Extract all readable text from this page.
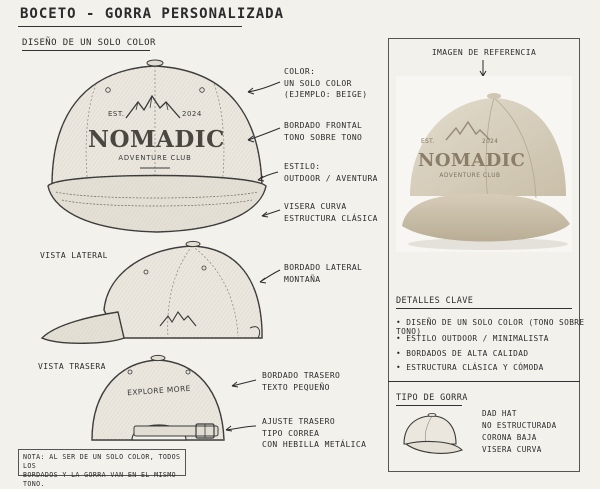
BOCETO - GORRA PERSONALIZADA
DISEÑO DE UN SOLO COLOR
EST.	2024
NOMADIC
ADVENTURE CLUB
EXPLORE MORE
VISTA LATERAL
VISTA TRASERA
COLOR:
UN SOLO COLOR
(EJEMPLO: BEIGE)
BORDADO FRONTAL
TONO SOBRE TONO
ESTILO:
OUTDOOR / AVENTURA
VISERA CURVA
ESTRUCTURA CLÁSICA
BORDADO LATERAL
MONTAÑA
BORDADO TRASERO
TEXTO PEQUEÑO
AJUSTE TRASERO
TIPO CORREA
CON HEBILLA METÁLICA
NOTA: AL SER DE UN SOLO COLOR, TODOS LOS
BORDADOS Y LA GORRA VAN EN EL MISMO TONO.
IMAGEN DE REFERENCIA
EST.	2024
NOMADIC
ADVENTURE CLUB
DETALLES CLAVE
• DISEÑO DE UN SOLO COLOR (TONO SOBRE TONO)
• ESTILO OUTDOOR / MINIMALISTA
• BORDADOS DE ALTA CALIDAD
• ESTRUCTURA CLÁSICA Y CÓMODA
TIPO DE GORRA
DAD HAT
NO ESTRUCTURADA
CORONA BAJA
VISERA CURVA
